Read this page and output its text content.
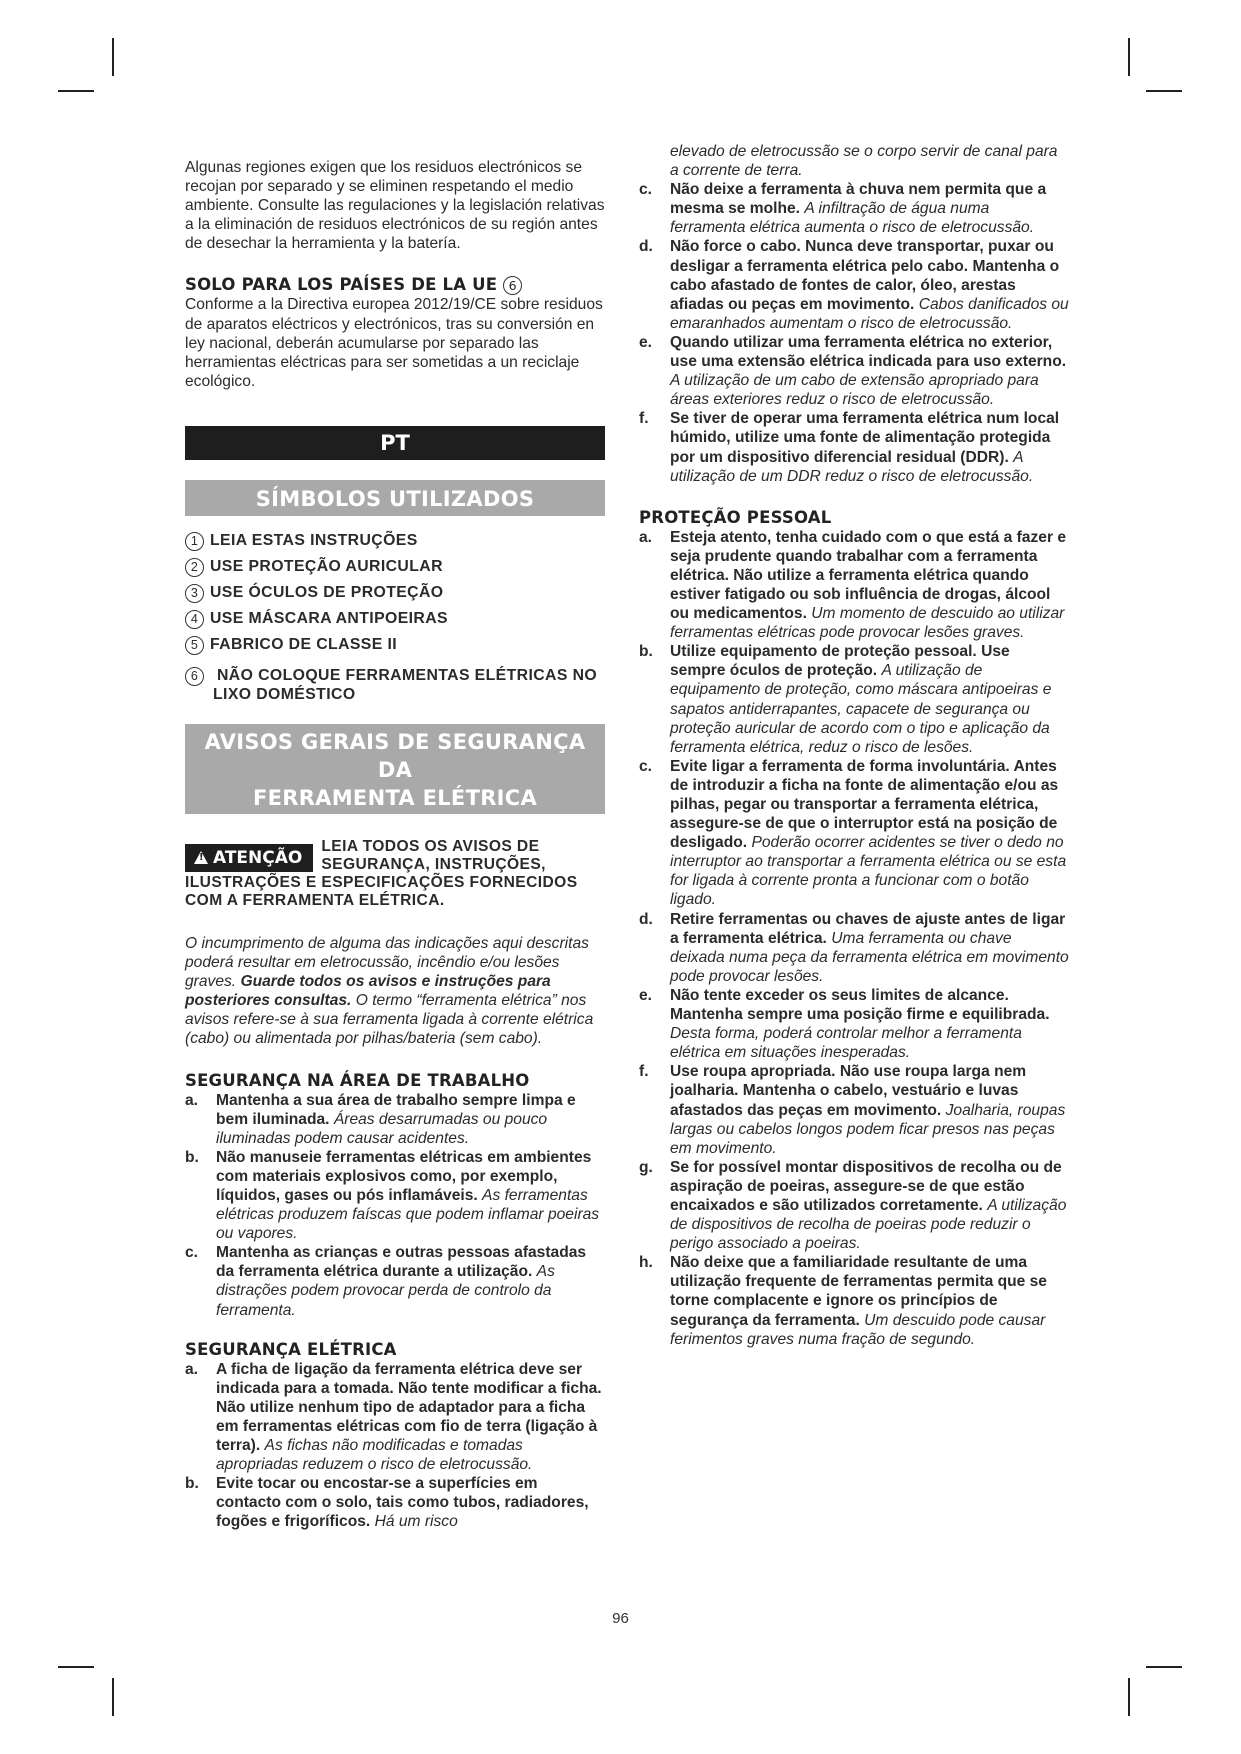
Algunas regiones exigen que los residuos electrónicos se recojan por separado y se eliminen respetando el medio ambiente. Consulte las regulaciones y la legislación relativas a la eliminación de residuos electrónicos de su región antes de desechar la herramienta y la batería.

SOLO PARA LOS PAÍSES DE LA UE 6

Conforme a la Directiva europea 2012/19/CE sobre residuos de aparatos eléctricos y electrónicos, tras su conversión en ley nacional, deberán acumularse por separado las herramientas eléctricas para ser sometidas a un reciclaje ecológico.

PT
SÍMBOLOS UTILIZADOS

1 LEIA ESTAS INSTRUÇÕES

2 USE PROTEÇÃO AURICULAR

3 USE ÓCULOS DE PROTEÇÃO

4 USE MÁSCARA ANTIPOEIRAS

5 FABRICO DE CLASSE II

6	NÃO COLOQUE FERRAMENTAS ELÉTRICAS NO LIXO DOMÉSTICO

AVISOS GERAIS DE SEGURANÇA DA
FERRAMENTA ELÉTRICA
!ATENÇÃO

LEIA TODOS OS AVISOS DE SEGURANÇA, INSTRUÇÕES, ILUSTRAÇÕES E ESPECIFICAÇÕES FORNECIDOS COM A FERRAMENTA ELÉTRICA.

O incumprimento de alguma das indicações aqui descritas poderá resultar em eletrocussão, incêndio e/ou lesões graves. Guarde todos os avisos e instruções para posteriores consultas. O termo “ferramenta elétrica” nos avisos refere-se à sua ferramenta ligada à corrente elétrica (cabo) ou alimentada por pilhas/bateria (sem cabo).

SEGURANÇA NA ÁREA DE TRABALHO

a. Mantenha a sua área de trabalho sempre limpa e bem iluminada. Áreas desarrumadas ou pouco iluminadas podem causar acidentes.

b. Não manuseie ferramentas elétricas em ambientes com materiais explosivos como, por exemplo, líquidos, gases ou pós inflamáveis. As ferramentas elétricas produzem faíscas que podem inflamar poeiras ou vapores.

c. Mantenha as crianças e outras pessoas afastadas da ferramenta elétrica durante a utilização. As distrações podem provocar perda de controlo da ferramenta.

SEGURANÇA ELÉTRICA

a. A ficha de ligação da ferramenta elétrica deve ser indicada para a tomada. Não tente modificar a ficha. Não utilize nenhum tipo de adaptador para a ficha em ferramentas elétricas com fio de terra (ligação à terra). As fichas não modificadas e tomadas apropriadas reduzem o risco de eletrocussão.

b. Evite tocar ou encostar-se a superfícies em contacto com o solo, tais como tubos, radiadores, fogões e frigoríficos. Há um risco

elevado de eletrocussão se o corpo servir de canal para a corrente de terra.

c. Não deixe a ferramenta à chuva nem permita que a mesma se molhe. A infiltração de água numa ferramenta elétrica aumenta o risco de eletrocussão.

d. Não force o cabo. Nunca deve transportar, puxar ou desligar a ferramenta elétrica pelo cabo. Mantenha o cabo afastado de fontes de calor, óleo, arestas afiadas ou peças em movimento. Cabos danificados ou emaranhados aumentam o risco de eletrocussão.

e. Quando utilizar uma ferramenta elétrica no exterior, use uma extensão elétrica indicada para uso externo. A utilização de um cabo de extensão apropriado para áreas exteriores reduz o risco de eletrocussão.

f. Se tiver de operar uma ferramenta elétrica num local húmido, utilize uma fonte de alimentação protegida por um dispositivo diferencial residual (DDR). A utilização de um DDR reduz o risco de eletrocussão.

PROTEÇÃO PESSOAL

a. Esteja atento, tenha cuidado com o que está a fazer e seja prudente quando trabalhar com a ferramenta elétrica. Não utilize a ferramenta elétrica quando estiver fatigado ou sob influência de drogas, álcool ou medicamentos. Um momento de descuido ao utilizar ferramentas elétricas pode provocar lesões graves.

b. Utilize equipamento de proteção pessoal. Use sempre óculos de proteção. A utilização de equipamento de proteção, como máscara antipoeiras e sapatos antiderrapantes, capacete de segurança ou proteção auricular de acordo com o tipo e aplicação da ferramenta elétrica, reduz o risco de lesões.

c. Evite ligar a ferramenta de forma involuntária. Antes de introduzir a ficha na fonte de alimentação e/ou as pilhas, pegar ou transportar a ferramenta elétrica, assegure-se de que o interruptor está na posição de desligado. Poderão ocorrer acidentes se tiver o dedo no interruptor ao transportar a ferramenta elétrica ou se esta for ligada à corrente pronta a funcionar com o botão ligado.

d. Retire ferramentas ou chaves de ajuste antes de ligar a ferramenta elétrica. Uma ferramenta ou chave deixada numa peça da ferramenta elétrica em movimento pode provocar lesões.

e. Não tente exceder os seus limites de alcance. Mantenha sempre uma posição firme e equilibrada. Desta forma, poderá controlar melhor a ferramenta elétrica em situações inesperadas.

f. Use roupa apropriada. Não use roupa larga nem joalharia. Mantenha o cabelo, vestuário e luvas afastados das peças em movimento. Joalharia, roupas largas ou cabelos longos podem ficar presos nas peças em movimento.

g. Se for possível montar dispositivos de recolha ou de aspiração de poeiras, assegure-se de que estão encaixados e são utilizados corretamente. A utilização de dispositivos de recolha de poeiras pode reduzir o perigo associado a poeiras.

h. Não deixe que a familiaridade resultante de uma utilização frequente de ferramentas permita que se torne complacente e ignore os princípios de segurança da ferramenta. Um descuido pode causar ferimentos graves numa fração de segundo.

96
